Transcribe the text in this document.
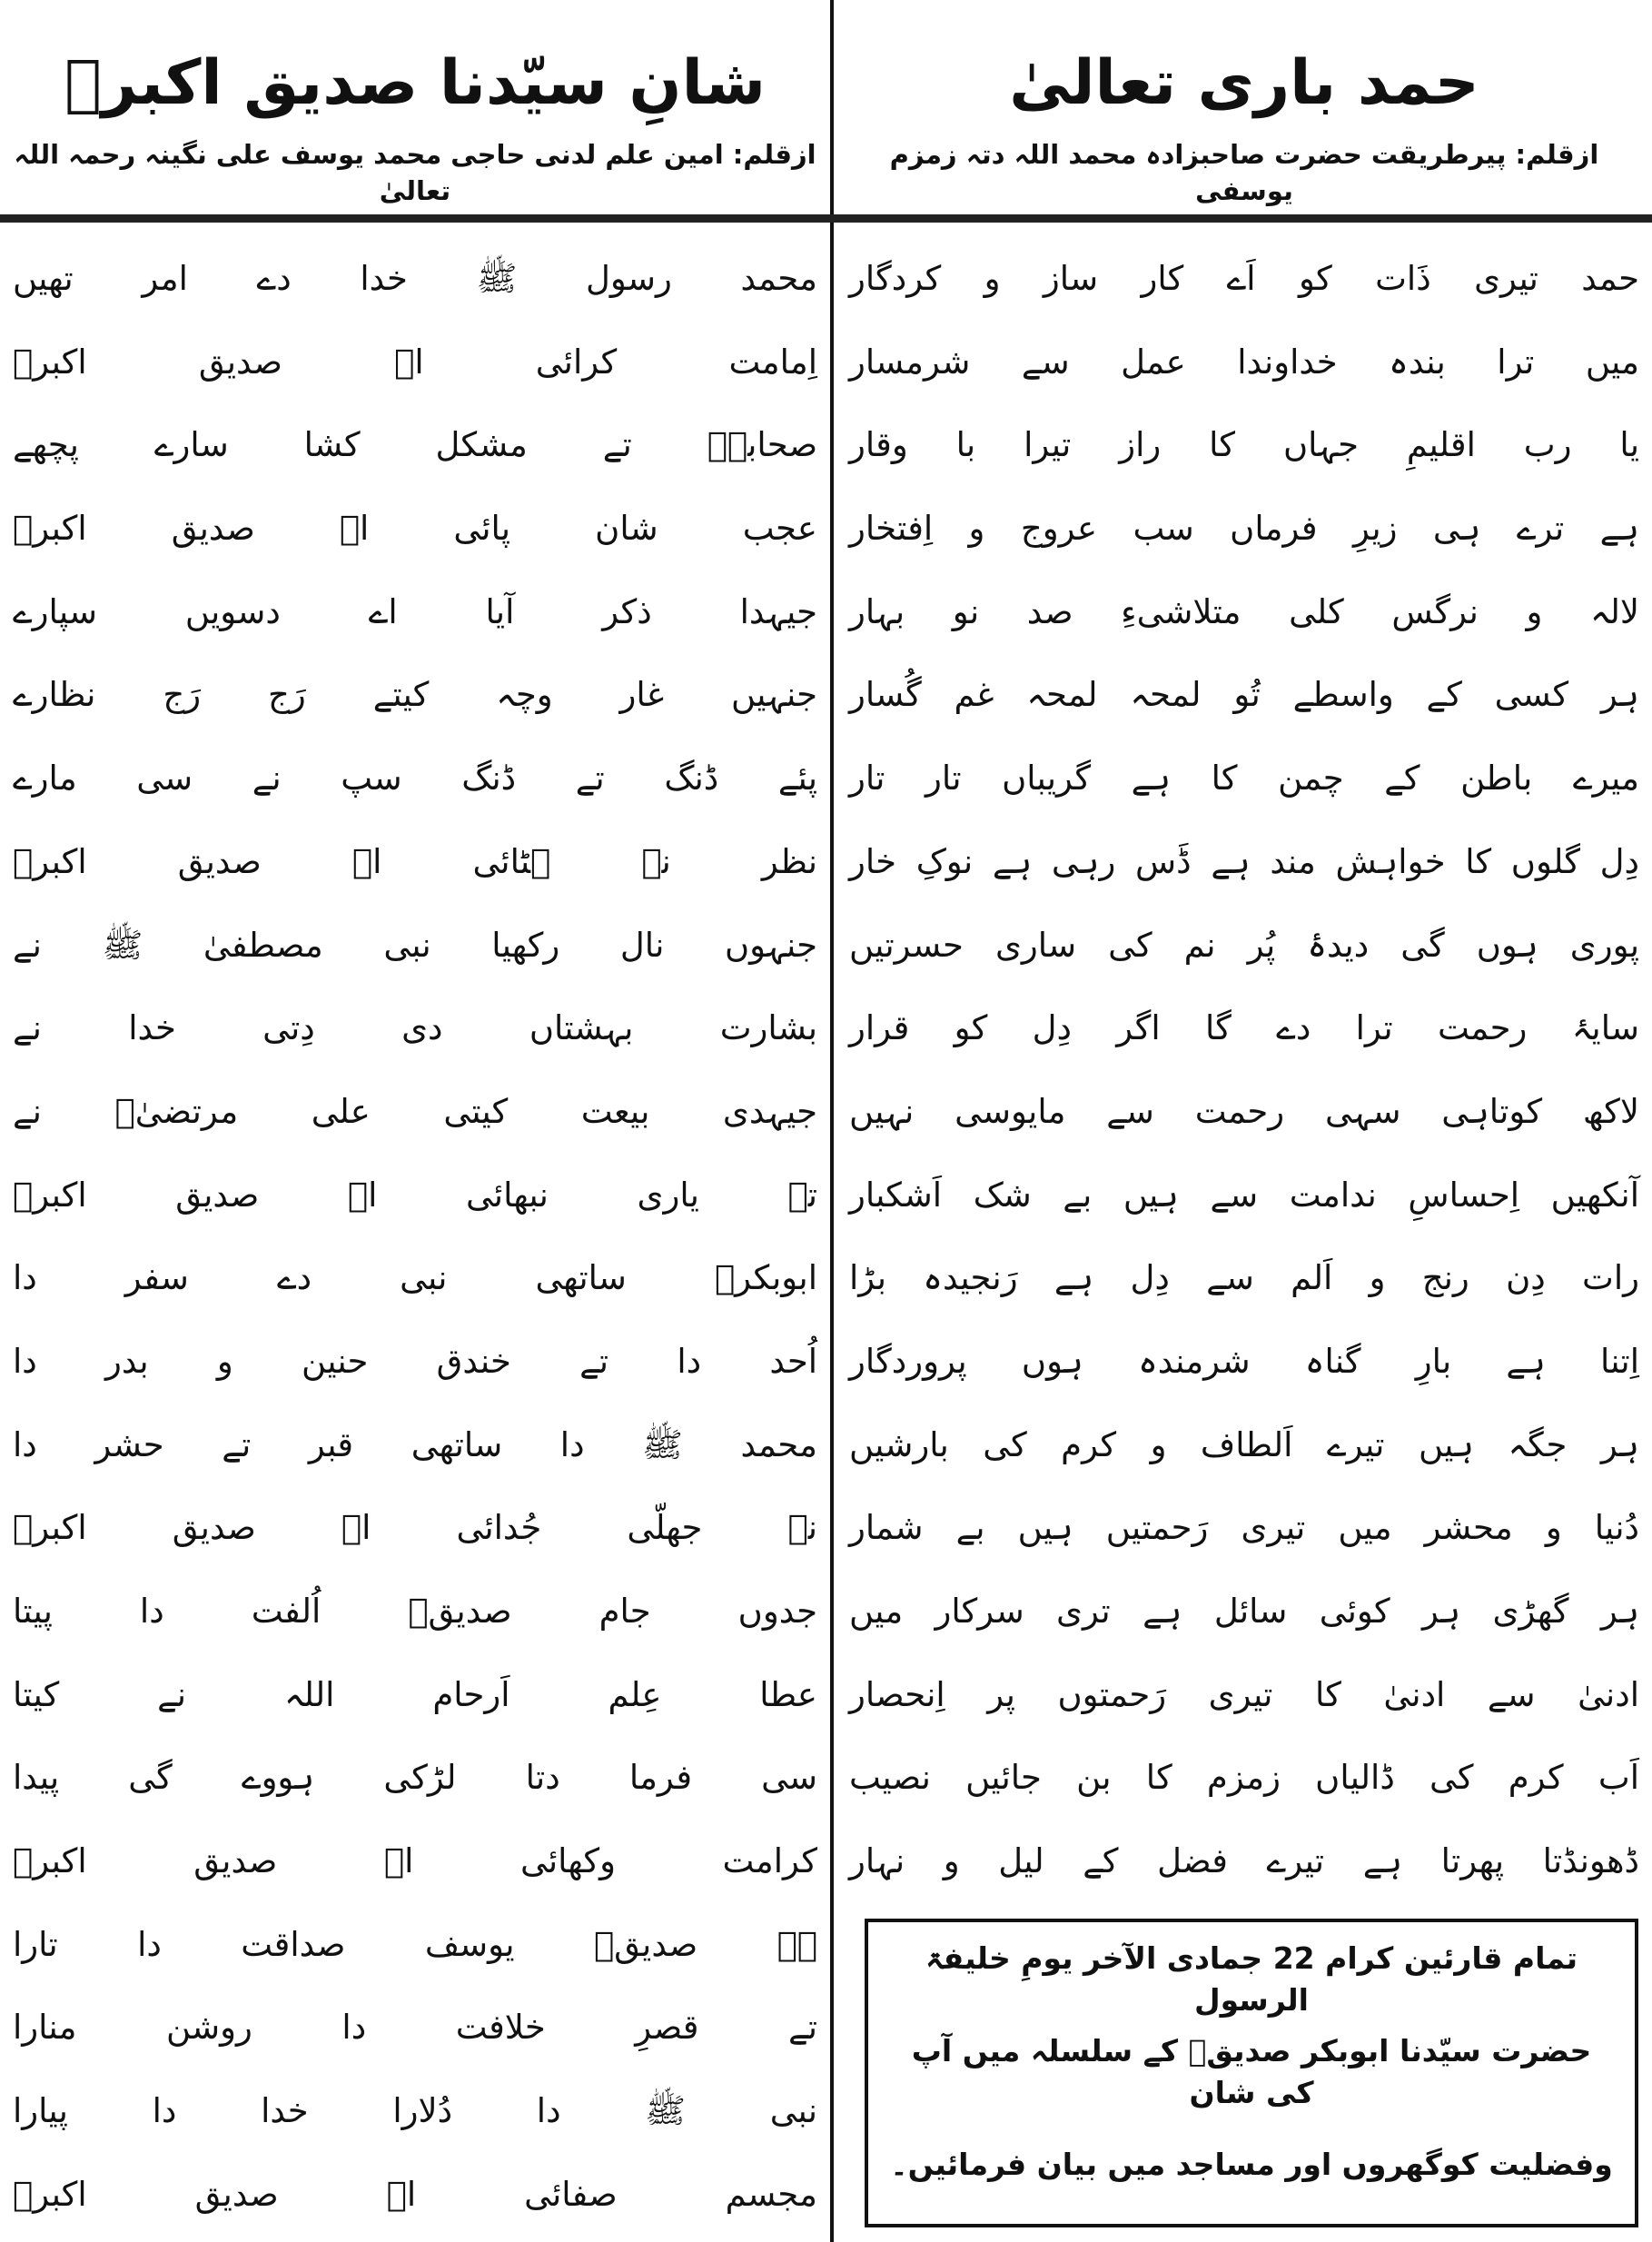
حمد باری تعالیٰ
ازقلم: پیرطریقت حضرت صاحبزادہ محمد اللہ دتہ زمزم یوسفی
حمد تیری ذَات کو اَے کار ساز و کردگار
میں ترا بندہ خداوندا عمل سے شرمسار
یا رب اقلیمِ جہاں کا راز تیرا با وقار
ہے ترے ہی زیرِ فرماں سب عروج و اِفتخار
لالہ و نرگس کلی متلاشیءِ صد نو بہار
ہر کسی کے واسطے تُو لمحہ لمحہ غم گُسار
میرے باطن کے چمن کا ہے گریباں تار تار
دِل گلوں کا خواہش مند ہے ڈَس رہی ہے نوکِ خار
پوری ہوں گی دیدۂ پُر نم کی ساری حسرتیں
سایۂ رحمت ترا دے گا اگر دِل کو قرار
لاکھ کوتاہی سہی رحمت سے مایوسی نہیں
آنکھیں اِحساسِ ندامت سے ہیں بے شک اَشکبار
رات دِن رنج و اَلم سے دِل ہے رَنجیدہ بڑا
اِتنا ہے بارِ گناہ شرمندہ ہوں پروردگار
ہر جگہ ہیں تیرے اَلطاف و کرم کی بارشیں
دُنیا و محشر میں تیری رَحمتیں ہیں بے شمار
ہر گھڑی ہر کوئی سائل ہے تری سرکار میں
ادنیٰ سے ادنیٰ کا تیری رَحمتوں پر اِنحصار
اَب کرم کی ڈالیاں زمزم کا بن جائیں نصیب
ڈھونڈتا پھرتا ہے تیرے فضل کے لیل و نہار
شانِ سیّدنا صدیق اکبرؓ
ازقلم: امین علم لدنی حاجی محمد یوسف علی نگینہ رحمہ اللہ تعالیٰ
محمد رسول ﷺ خدا دے امر تھیں
اِمامت کرائی اے صدیق اکبرؓ
صحابہؓ تے مشکل کشا سارے پچھے
عجب شان پائی اے صدیق اکبرؓ
جیہدا ذکر آیا اے دسویں سپارے
جنہیں غار وچہ کیتے رَج رَج نظارے
پئے ڈنگ تے ڈنگ سپ نے سی مارے
نظر نہ ہٹائی اے صدیق اکبرؓ
جنہوں نال رکھیا نبی مصطفیٰ ﷺ نے
بشارت بہشتاں دی دِتی خدا نے
جیہدی بیعت کیتی علی مرتضیٰؓ نے
تے یاری نبھائی اے صدیق اکبرؓ
ابوبکرؓ ساتھی نبی دے سفر دا
اُحد دا تے خندق حنین و بدر دا
محمد ﷺ دا ساتھی قبر تے حشر دا
نہ جھلّی جُدائی اے صدیق اکبرؓ
جدوں جام صدیقؓ اُلفت دا پیتا
عطا عِلم اَرحام اللہ نے کیتا
سی فرما دتا لڑکی ہووے گی پیدا
کرامت وکھائی اے صدیق اکبرؓ
ہے صدیقؓ یوسف صداقت دا تارا
تے قصرِ خلافت دا روشن منارا
نبی ﷺ دا دُلارا خدا دا پیارا
مجسم صفائی اے صدیق اکبرؓ
تمام قارئین کرام 22 جمادی الآخر یومِ خلیفۃ الرسول
حضرت سیّدنا ابوبکر صدیقؓ کے سلسلہ میں آپ کی شان
وفضلیت کوگھروں اور مساجد میں بیان فرمائیں۔
